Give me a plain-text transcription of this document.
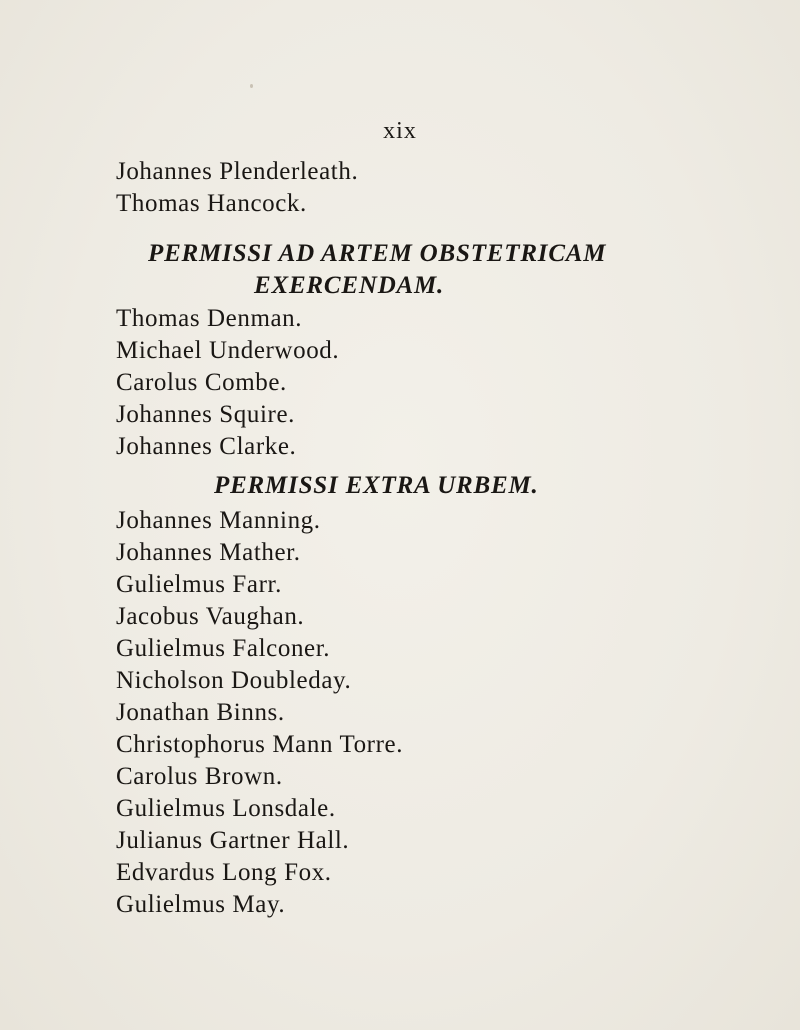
xix
Johannes Plenderleath.
Thomas Hancock.
PERMISSI AD ARTEM OBSTETRICAM
EXERCENDAM.
Thomas Denman.
Michael Underwood.
Carolus Combe.
Johannes Squire.
Johannes Clarke.
PERMISSI EXTRA URBEM.
Johannes Manning.
Johannes Mather.
Gulielmus Farr.
Jacobus Vaughan.
Gulielmus Falconer.
Nicholson Doubleday.
Jonathan Binns.
Christophorus Mann Torre.
Carolus Brown.
Gulielmus Lonsdale.
Julianus Gartner Hall.
Edvardus Long Fox.
Gulielmus May.
